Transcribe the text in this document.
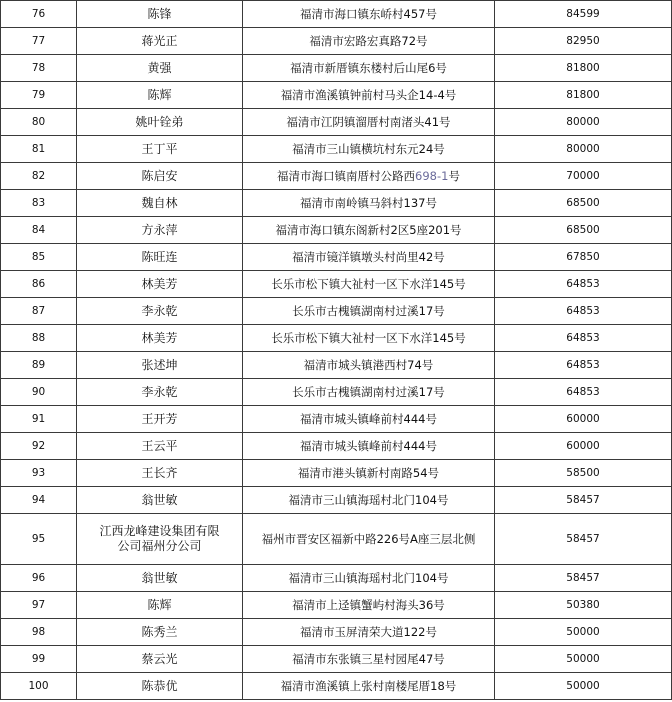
76	陈锋	福清市海口镇东峤村457号	84599
77	蒋光正	福清市宏路宏真路72号	82950
78	黄强	福清市新厝镇东楼村后山尾6号	81800
79	陈辉	福清市渔溪镇钟前村马头企14-4号	81800
80	姚叶铨弟	福清市江阴镇溜厝村南渚头41号	80000
81	王丁平	福清市三山镇横坑村东元24号	80000
82	陈启安	福清市海口镇南厝村公路西698-1号	70000
83	魏自林	福清市南岭镇马斜村137号	68500
84	方永萍	福清市海口镇东阁新村2区5座201号	68500
85	陈旺连	福清市镜洋镇墩头村尚里42号	67850
86	林美芳	长乐市松下镇大祉村一区下水洋145号	64853
87	李永乾	长乐市古槐镇湖南村过溪17号	64853
88	林美芳	长乐市松下镇大祉村一区下水洋145号	64853
89	张述坤	福清市城头镇港西村74号	64853
90	李永乾	长乐市古槐镇湖南村过溪17号	64853
91	王开芳	福清市城头镇峰前村444号	60000
92	王云平	福清市城头镇峰前村444号	60000
93	王长齐	福清市港头镇新村南路54号	58500
94	翁世敏	福清市三山镇海瑶村北门104号	58457
95	江西龙峰建设集团有限
公司福州分公司	福州市晋安区福新中路226号A座三层北侧	58457
96	翁世敏	福清市三山镇海瑶村北门104号	58457
97	陈辉	福清市上迳镇蟹屿村海头36号	50380
98	陈秀兰	福清市玉屏清荣大道122号	50000
99	蔡云光	福清市东张镇三星村园尾47号	50000
100	陈恭优	福清市渔溪镇上张村南楼尾厝18号	50000
